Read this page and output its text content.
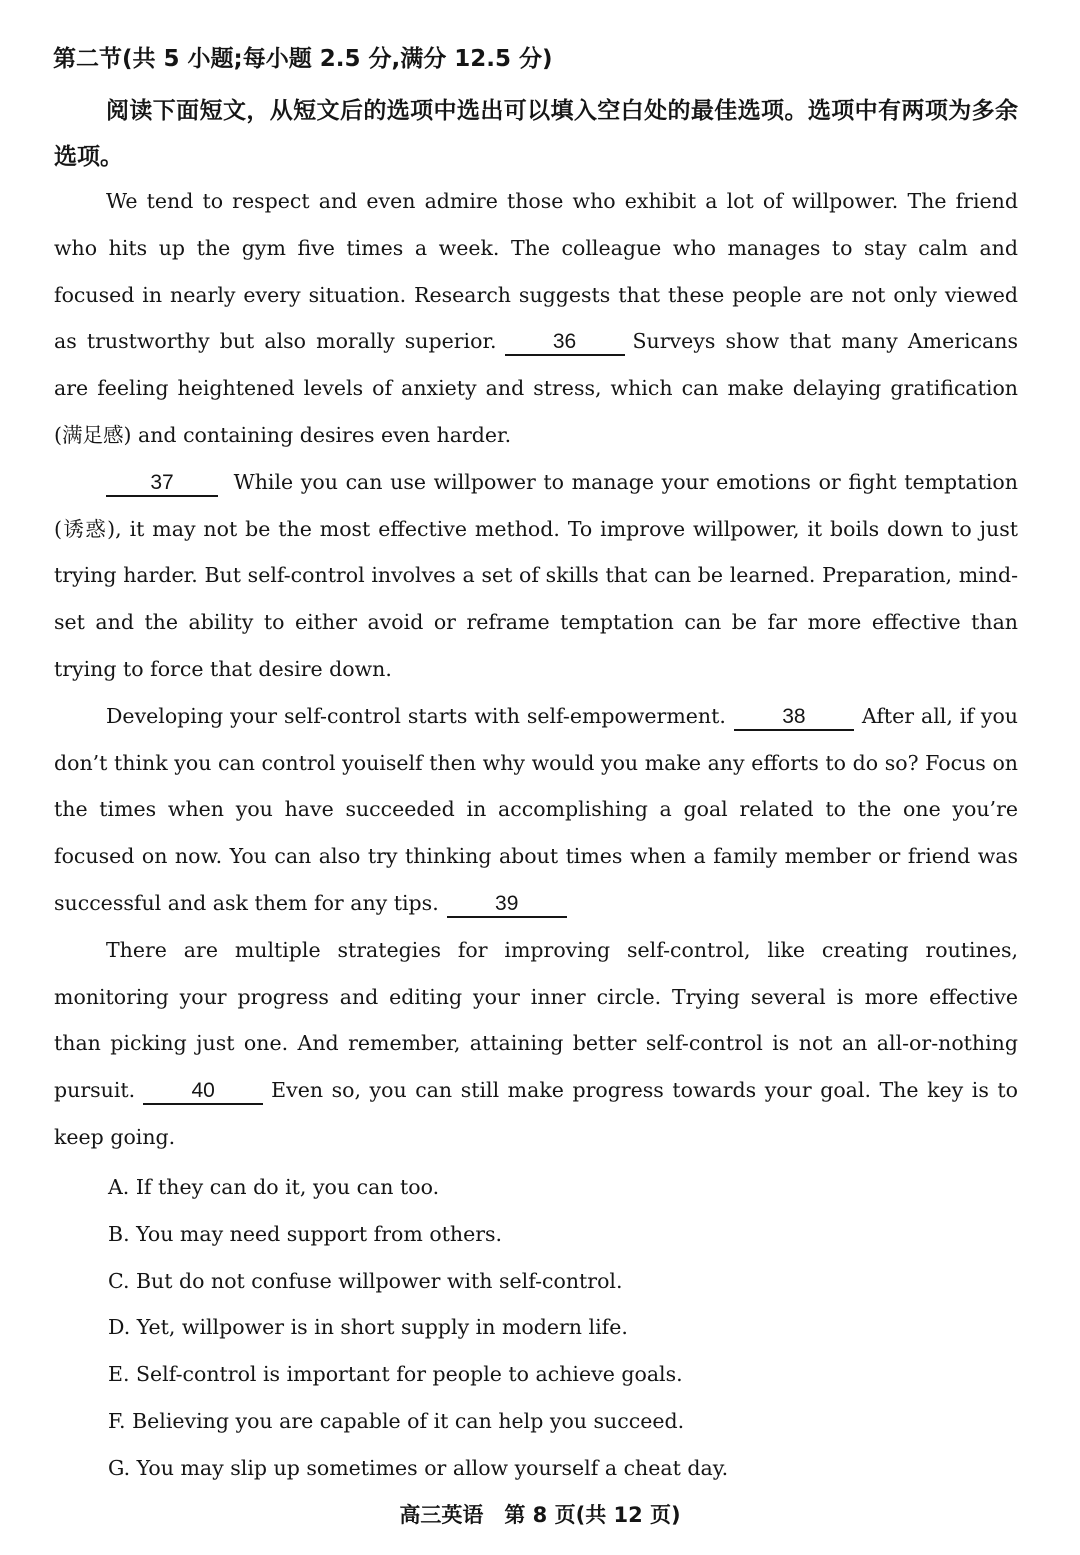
第二节(共 5 小题;每小题 2.5 分,满分 12.5 分)

阅读下面短文，从短文后的选项中选出可以填入空白处的最佳选项。选项中有两项为多余选项。

We tend to respect and even admire those who exhibit a lot of willpower. The friend who hits up the gym five times a week. The colleague who manages to stay calm and focused in nearly every situation. Research suggests that these people are not only viewed as trustworthy but also morally superior.	36	Surveys show that many Americans are feeling heightened levels of anxiety and stress, which can make delaying gratification (满足感) and containing desires even harder.

37	While you can use willpower to manage your emotions or fight temptation (诱惑), it may not be the most effective method. To improve willpower, it boils down to just trying harder. But self-control involves a set of skills that can be learned. Preparation, mind-set and the ability to either avoid or reframe temptation can be far more effective than trying to force that desire down.

Developing your self-control starts with self-empowerment.	38	After all, if you don’t think you can control youiself then why would you make any efforts to do so? Focus on the times when you have succeeded in accomplishing a goal related to the one you’re focused on now. You can also try thinking about times when a family member or friend was successful and ask them for any tips.	39

There are multiple strategies for improving self-control, like creating routines, monitoring your progress and editing your inner circle. Trying several is more effective than picking just one. And remember, attaining better self-control is not an all-or-nothing pursuit.	40	Even so, you can still make progress towards your goal. The key is to keep going.

A. If they can do it, you can too.
B. You may need support from others.
C. But do not confuse willpower with self-control.
D. Yet, willpower is in short supply in modern life.
E. Self-control is important for people to achieve goals.
F. Believing you are capable of it can help you succeed.
G. You may slip up sometimes or allow yourself a cheat day.
高三英语　第 8 页(共 12 页)
